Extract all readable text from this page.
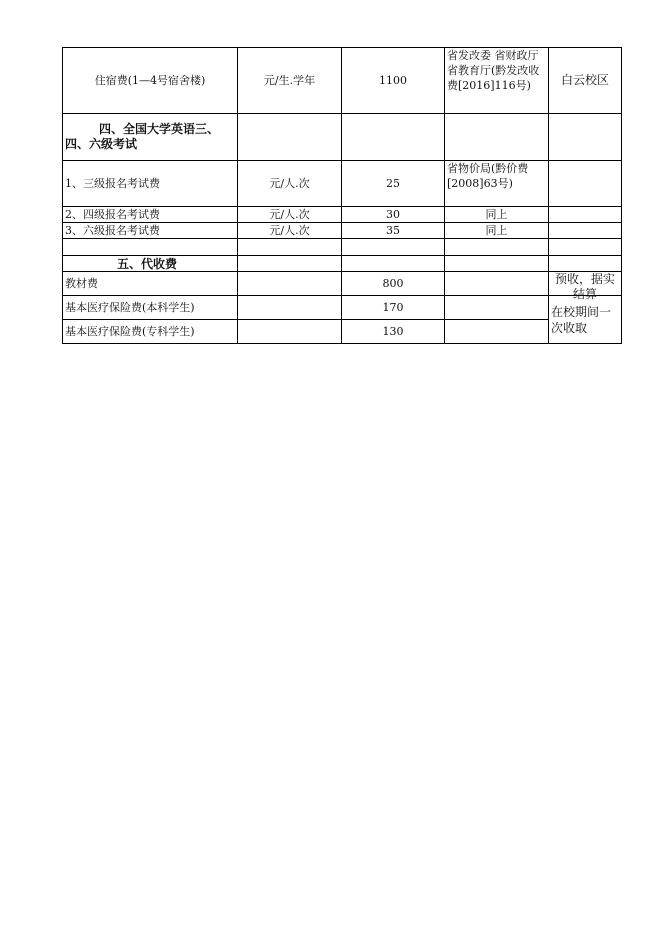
住宿费(1—4号宿舍楼)	元/生.学年	1100	省发改委 省财政厅 省教育厅(黔发改收费[2016]116号)	白云校区

四、全国大学英语三、四、六级考试				

1、三级报名考试费	元/人.次	25	省物价局(黔价费[2008]63号)	
2、四级报名考试费	元/人.次	30	同上	
3、六级报名考试费	元/人.次	35	同上	

五、代收费				
教材费		800		预收，据实结算

基本医疗保险费(本科学生)		170		在校期间一次收取
基本医疗保险费(专科学生)		130		
